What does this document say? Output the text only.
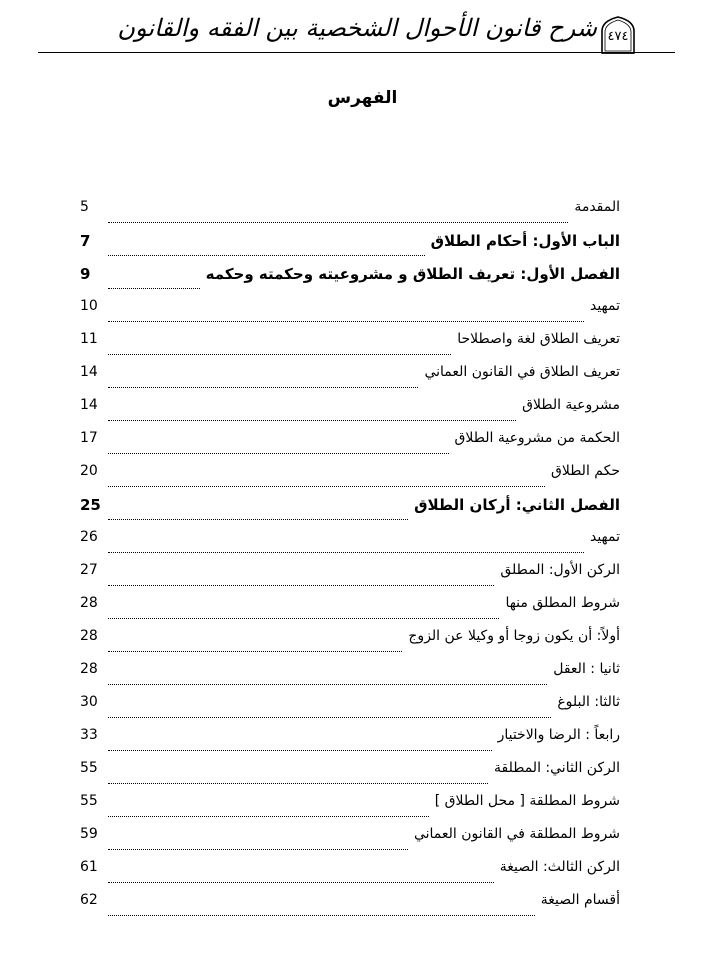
شرح قانون الأحوال الشخصية بين الفقه والقانون ٤٧٤
الفهرس
5	المقدمة
7	الباب الأول: أحكام الطلاق
9	الفصل الأول: تعريف الطلاق و مشروعيته وحكمته وحكمه
10	تمهيد
11	تعريف الطلاق لغة واصطلاحا
14	تعريف الطلاق في القانون العماني
14	مشروعية الطلاق
17	الحكمة من مشروعية الطلاق
20	حكم الطلاق
25	الفصل الثاني: أركان الطلاق
26	تمهيد
27	الركن الأول: المطلق
28	شروط المطلق منها
28	أولاً: أن يكون زوجا أو وكيلا عن الزوج
28	ثانيا : العقل
30	ثالثا: البلوغ
33	رابعاً : الرضا والاختيار
55	الركن الثاني: المطلقة
55	شروط المطلقة [ محل الطلاق ]
59	شروط المطلقة في القانون العماني
61	الركن الثالث: الصيغة
62	أقسام الصيغة
